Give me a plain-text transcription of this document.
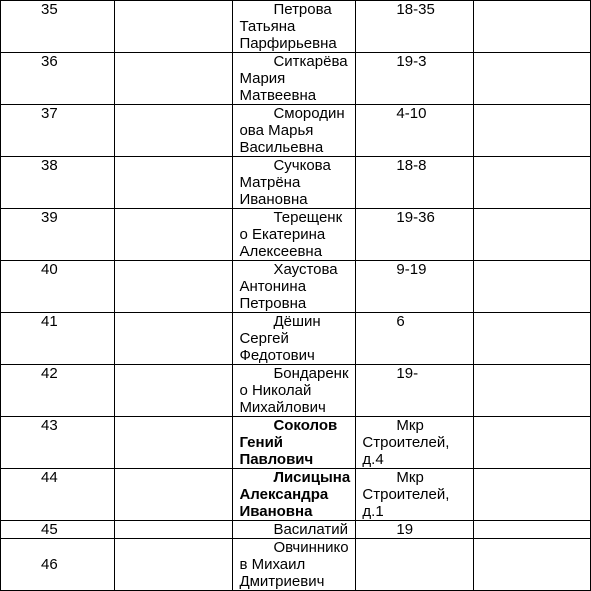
35		Петрова
Татьяна
Парфирьевна	18-35	

36		Ситкарёва
Мария
Матвеевна	19-3	

37		Смородин
ова Марья
Васильевна	4-10	

38		Сучкова
Матрёна
Ивановна	18-8	

39		Терещенк
о Екатерина
Алексеевна	19-36	

40		Хаустова
Антонина
Петровна	9-19	

41		Дёшин
Сергей
Федотович	6	

42		Бондаренк
о Николай
Михайлович	19-	

43		Соколов
Гений
Павлович	Мкр
Строителей,
д.4	

44		Лисицына
Александра
Ивановна	Мкр
Строителей,
д.1	

45		Василатий	19	

46		Овчиннико
в Михаил
Дмитриевич		
